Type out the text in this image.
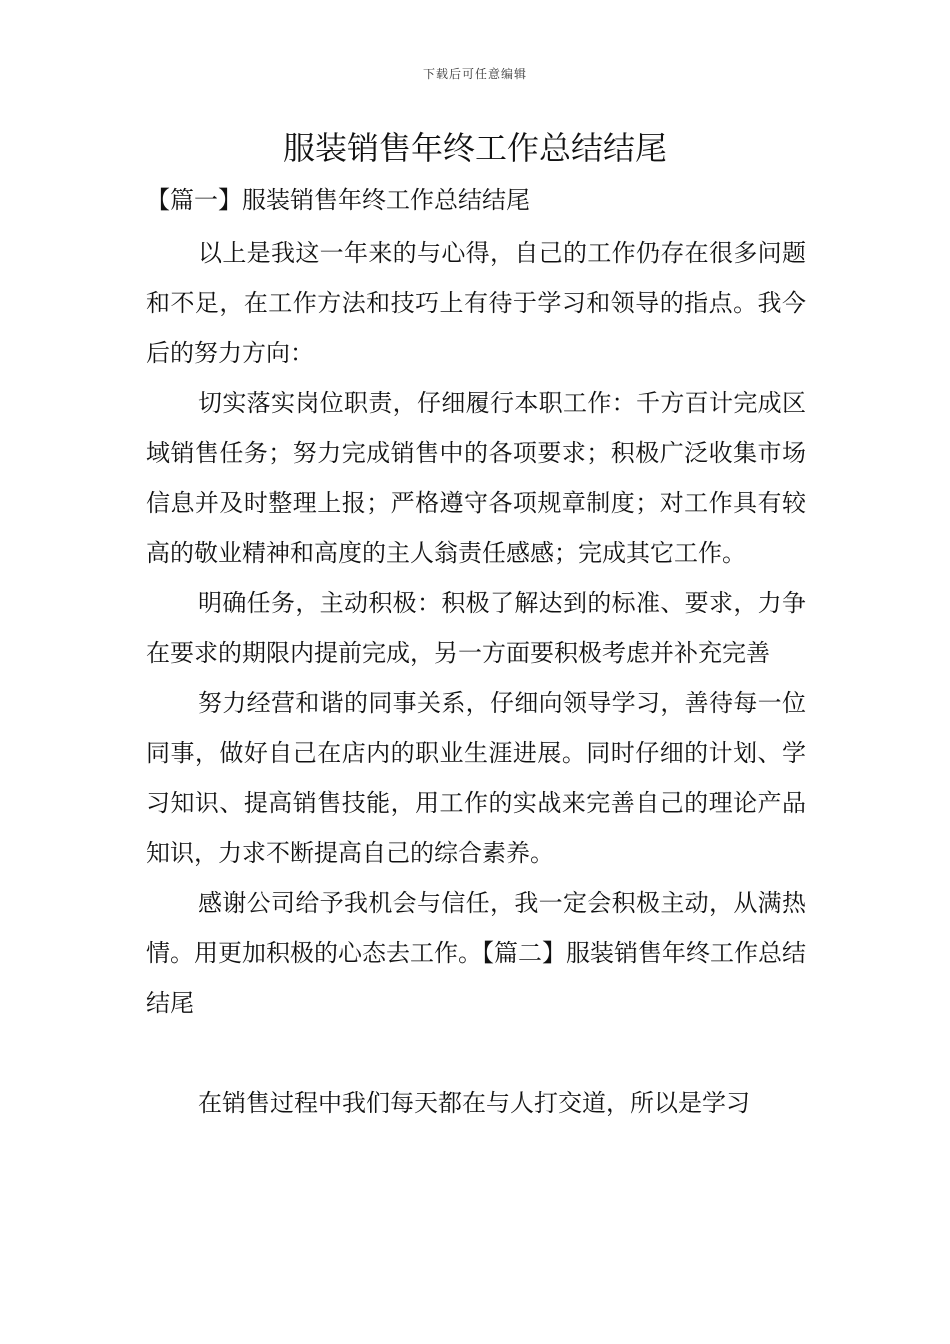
下载后可任意编辑
服装销售年终工作总结结尾
【篇一】服装销售年终工作总结结尾

以上是我这一年来的与心得，自己的工作仍存在很多问题和不足，在工作方法和技巧上有待于学习和领导的指点。我今后的努力方向：

切实落实岗位职责，仔细履行本职工作：千方百计完成区域销售任务；努力完成销售中的各项要求；积极广泛收集市场信息并及时整理上报；严格遵守各项规章制度；对工作具有较高的敬业精神和高度的主人翁责任感感；完成其它工作。

明确任务，主动积极：积极了解达到的标准、要求，力争在要求的期限内提前完成，另一方面要积极考虑并补充完善

努力经营和谐的同事关系，仔细向领导学习，善待每一位同事，做好自己在店内的职业生涯进展。同时仔细的计划、学习知识、提高销售技能，用工作的实战来完善自己的理论产品知识，力求不断提高自己的综合素养。

感谢公司给予我机会与信任，我一定会积极主动，从满热情。用更加积极的心态去工作。【篇二】服装销售年终工作总结结尾

在销售过程中我们每天都在与人打交道，所以是学习
